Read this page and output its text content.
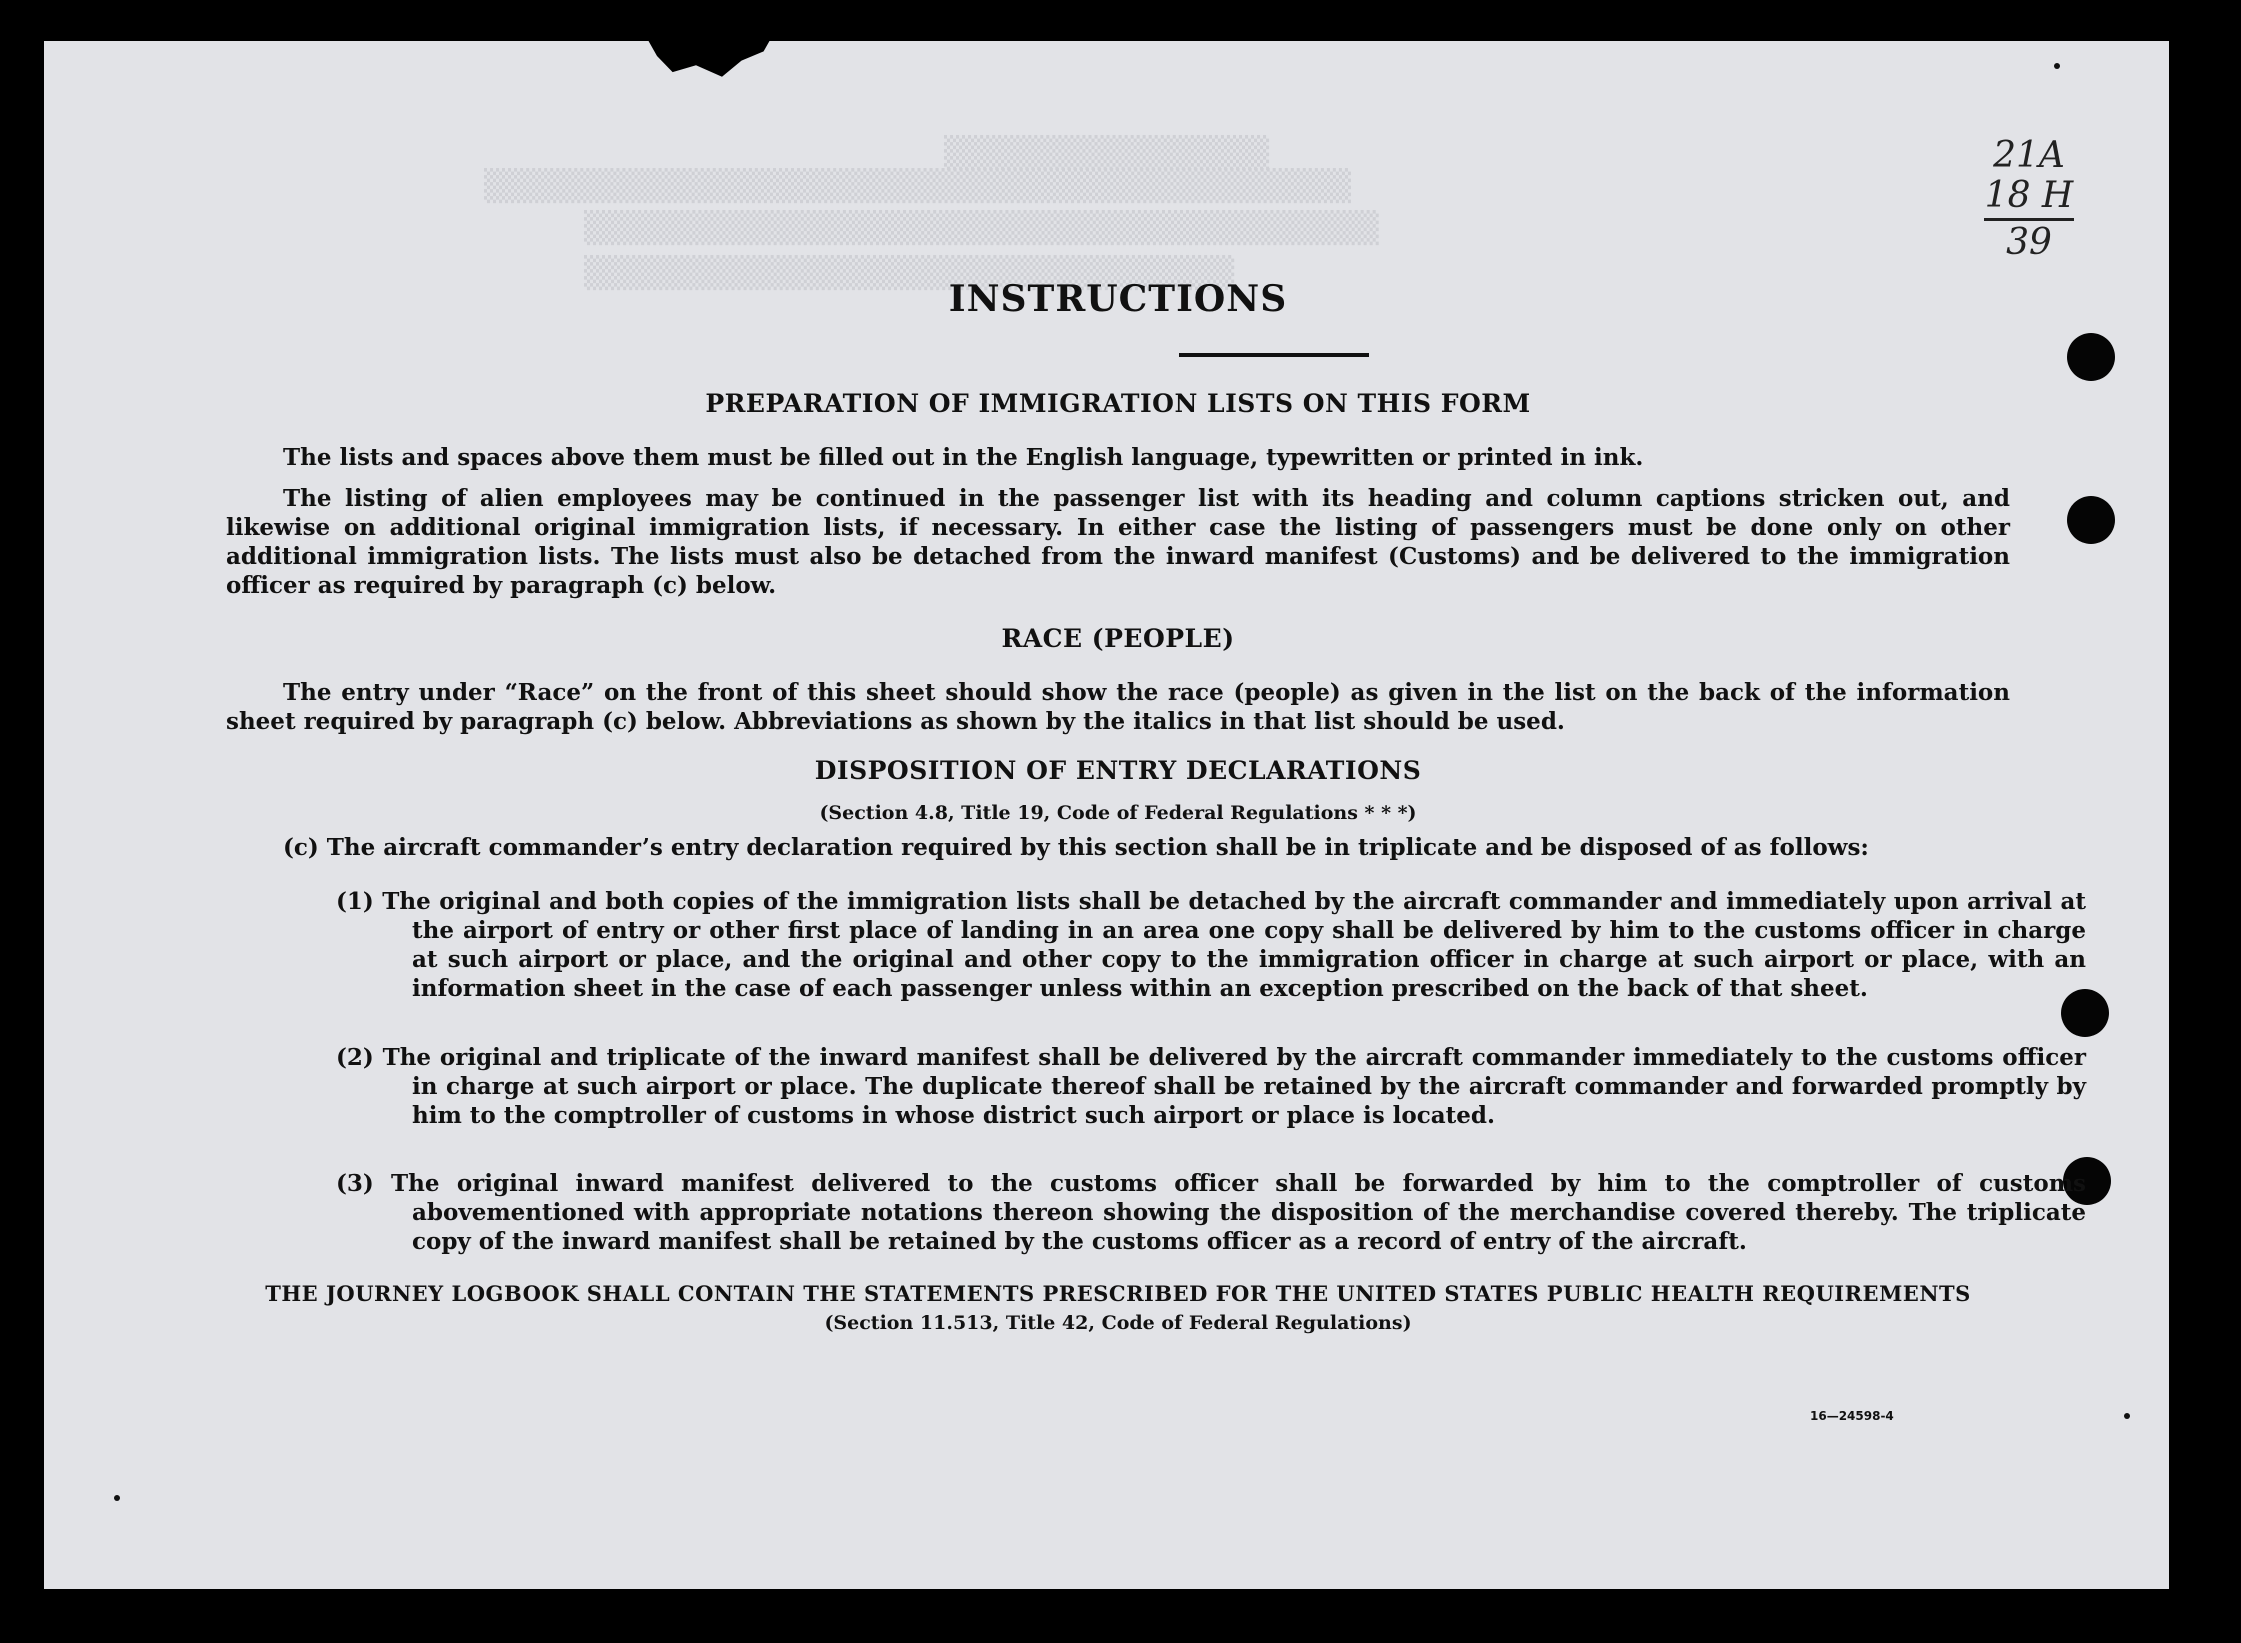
▒▒▒▒▒▒▒▒▒▒▒▒▒▒▒▒▒▒
▒▒▒▒▒▒▒▒▒▒▒▒▒▒▒▒▒▒▒▒▒▒▒▒▒▒▒▒▒▒▒▒▒▒▒▒▒▒▒▒▒▒▒▒▒▒▒▒
▒▒▒▒▒▒▒▒▒▒▒▒▒▒▒▒▒▒▒▒▒▒▒▒▒▒▒▒▒▒▒▒▒▒▒▒▒▒▒▒▒▒▒▒
▒▒▒▒▒▒▒▒▒▒▒▒▒▒▒▒▒▒▒▒▒▒▒▒▒▒▒▒▒▒▒▒▒▒▒▒
21A
18 H
39
INSTRUCTIONS
PREPARATION OF IMMIGRATION LISTS ON THIS FORM
The lists and spaces above them must be filled out in the English language, typewritten or printed in ink.
The listing of alien employees may be continued in the passenger list with its heading and column captions stricken out, and likewise on additional original immigration lists, if necessary. In either case the listing of passengers must be done only on other additional immigration lists. The lists must also be detached from the inward manifest (Customs) and be delivered to the immigration officer as required by paragraph (c) below.
RACE (PEOPLE)
The entry under “Race” on the front of this sheet should show the race (people) as given in the list on the back of the information sheet required by paragraph (c) below. Abbreviations as shown by the italics in that list should be used.
DISPOSITION OF ENTRY DECLARATIONS
(Section 4.8, Title 19, Code of Federal Regulations * * *)
(c) The aircraft commander’s entry declaration required by this section shall be in triplicate and be disposed of as follows:
(1) The original and both copies of the immigration lists shall be detached by the aircraft commander and immediately upon arrival at the airport of entry or other first place of landing in an area one copy shall be delivered by him to the customs officer in charge at such airport or place, and the original and other copy to the immigration officer in charge at such airport or place, with an information sheet in the case of each passenger unless within an exception prescribed on the back of that sheet.
(2) The original and triplicate of the inward manifest shall be delivered by the aircraft commander immediately to the customs officer in charge at such airport or place. The duplicate thereof shall be retained by the aircraft commander and forwarded promptly by him to the comptroller of customs in whose district such airport or place is located.
(3) The original inward manifest delivered to the customs officer shall be forwarded by him to the comptroller of customs abovementioned with appropriate notations thereon showing the disposition of the merchandise covered thereby. The triplicate copy of the inward manifest shall be retained by the customs officer as a record of entry of the aircraft.
THE JOURNEY LOGBOOK SHALL CONTAIN THE STATEMENTS PRESCRIBED FOR THE UNITED STATES PUBLIC HEALTH REQUIREMENTS
(Section 11.513, Title 42, Code of Federal Regulations)
16—24598-4
